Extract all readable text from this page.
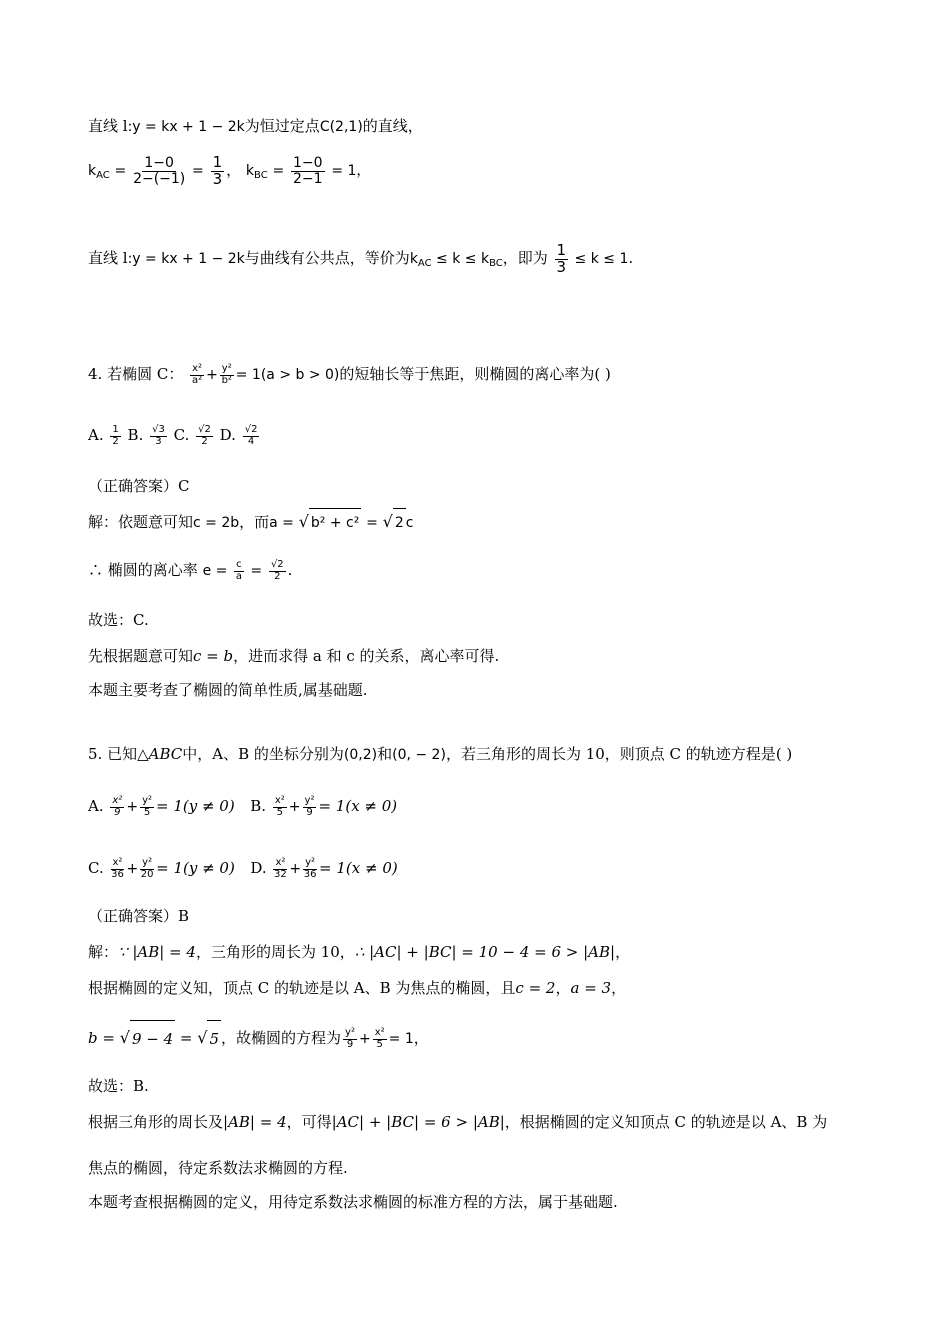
直线 l:y = kx + 1 − 2k为恒过定点C(2,1)的直线，
$k_{AC} = \frac{1-0}{2-(-1)} = \frac{1}{3}$ ， $k_{BC} = \frac{1-0}{2-1} = 1$，
直线 l:y = kx + 1 − 2k与曲线有公共点，等价为$k_{AC} \le k \le k_{BC}$，即为 $\frac{1}{3} \le k \le 1$.
4. 若椭圆 C： $\frac{\text{x²}}{\text{a²}} + \frac{\text{y²}}{\text{b²}} = 1(a > b > 0)$的短轴长等于焦距，则椭圆的离心率为( )
A. $\frac{1}{2} B$. $\frac{√3}{3} C$. $\frac{√2}{2} D$. $\frac{√2}{4}$
（正确答案）C
解：依题意可知c = 2b，而a = √ b² + c² = √ 2 c
∴ 椭圆的离心率 $e = \frac{c}{a} = \frac{√2}{2}$ .
故选：C.
先根据题意可知c = b，进而求得 a 和 c 的关系，离心率可得.
本题主要考查了椭圆的简单性质,属基础题.
5. 已知△ABC中，A、B 的坐标分别为(0,2)和(0, − 2)，若三角形的周长为 10，则顶点 C 的轨迹方程是( )
A. $\frac{\text{x²}}{9} + \frac{\text{y²}}{5} = 1(y \ne 0)$ B. $\frac{\text{x²}}{5} + \frac{\text{y²}}{9} = 1(x \ne 0)$
C. $\frac{\text{x²}}{36} + \frac{\text{y²}}{20} = 1(y \ne 0)$ D. $\frac{\text{x²}}{32} + \frac{\text{y²}}{36} = 1(x \ne 0)$
（正确答案）B
解：∵ |AB| = 4，三角形的周长为 10，∴ |AC| + |BC| = 10 − 4 = 6 > |AB|，
根据椭圆的定义知，顶点 C 的轨迹是以 A、B 为焦点的椭圆，且c = 2，a = 3，
b = √ 9 − 4 = √ 5 ，故椭圆的方程为 $\frac{\text{y²}}{9} + \frac{\text{x²}}{5} = 1$，
故选：B.
根据三角形的周长及|AB| = 4，可得|AC| + |BC| = 6 > |AB|，根据椭圆的定义知顶点 C 的轨迹是以 A、B 为
焦点的椭圆，待定系数法求椭圆的方程.
本题考查根据椭圆的定义，用待定系数法求椭圆的标准方程的方法，属于基础题.
